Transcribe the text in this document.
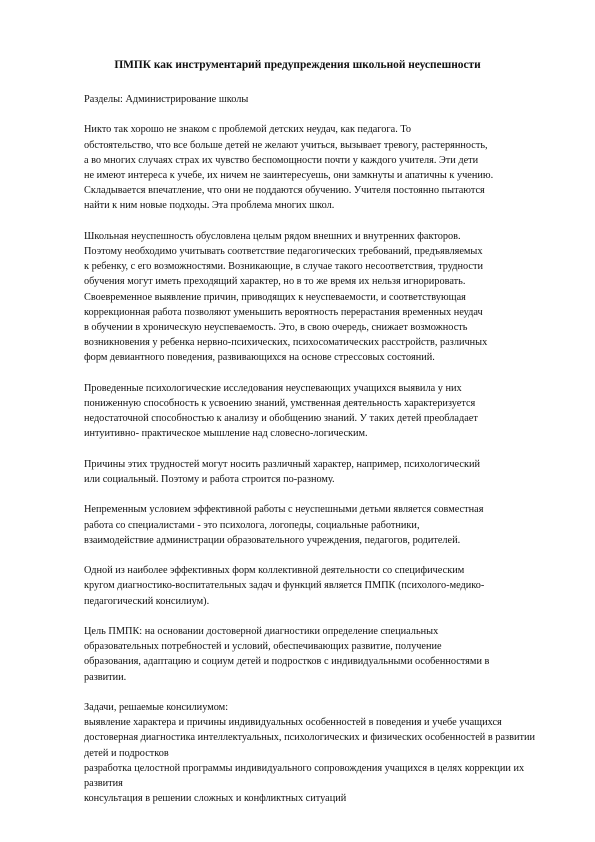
ПМПК как инструментарий предупреждения школьной неуспешности
Разделы: Администрирование школы
Никто так хорошо не знаком с проблемой детских неудач, как педагога. То
обстоятельство, что все больше детей не желают учиться, вызывает тревогу, растерянность,
а во многих случаях страх их чувство беспомощности почти у каждого учителя. Эти дети
не имеют интереса к учебе, их ничем не заинтересуешь, они замкнуты и апатичны к учению.
Складывается впечатление, что они не поддаются обучению. Учителя постоянно пытаются
найти к ним новые подходы. Эта проблема многих школ.
Школьная неуспешность обусловлена целым рядом внешних и внутренних факторов.
Поэтому необходимо учитывать соответствие педагогических требований, предъявляемых
к ребенку, с его возможностями. Возникающие, в случае такого несоответствия, трудности
обучения могут иметь преходящий характер, но в то же время их нельзя игнорировать.
Своевременное выявление причин, приводящих к неуспеваемости, и соответствующая
коррекционная работа позволяют уменьшить вероятность перерастания временных неудач
в обучении в хроническую неуспеваемость. Это, в свою очередь, снижает возможность
возникновения у ребенка нервно-психических, психосоматических расстройств, различных
форм девиантного поведения, развивающихся на основе стрессовых состояний.
Проведенные психологические исследования неуспевающих учащихся выявила у них
пониженную способность к усвоению знаний, умственная деятельность характеризуется
недостаточной способностью к анализу и обобщению знаний. У таких детей преобладает
интуитивно- практическое мышление над словесно-логическим.
Причины этих трудностей могут носить различный характер, например, психологический
или социальный. Поэтому и работа строится по-разному.
Непременным условием эффективной работы с неуспешными детьми является совместная
работа со специалистами - это психолога, логопеды, социальные работники,
взаимодействие администрации образовательного учреждения, педагогов, родителей.
Одной из наиболее эффективных форм коллективной деятельности со специфическим
кругом диагностико-воспитательных задач и функций является ПМПК (психолого-медико-
педагогический консилиум).
Цель ПМПК: на основании достоверной диагностики определение специальных
образовательных потребностей и условий, обеспечивающих развитие, получение
образования, адаптацию и социум детей и подростков с индивидуальными особенностями в
развитии.
Задачи, решаемые консилиумом:
выявление характера и причины индивидуальных особенностей в поведения и учебе учащихся
достоверная диагностика интеллектуальных, психологических и физических особенностей в развитии детей и подростков
разработка целостной программы индивидуального сопровождения учащихся в целях коррекции их развития
консультация в решении сложных и конфликтных ситуаций
